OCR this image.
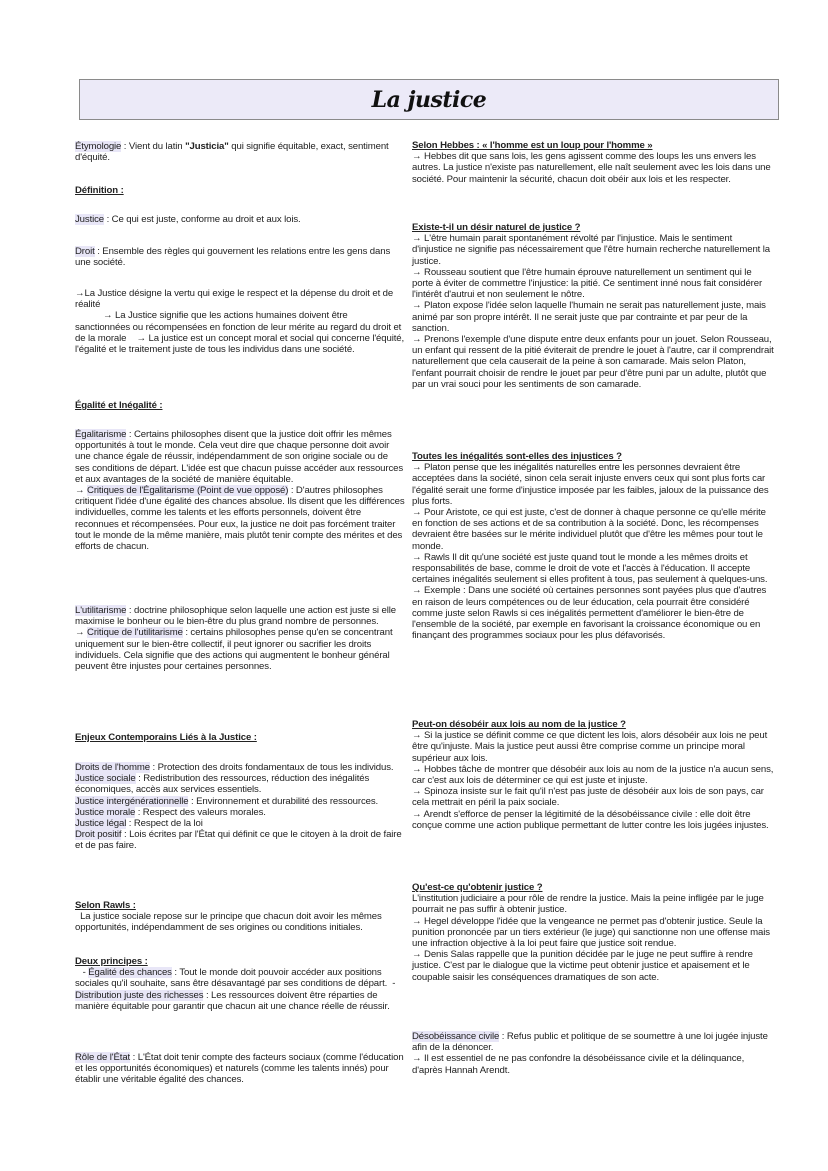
La justice

Étymologie : Vient du latin "Justicia" qui signifie équitable, exact, sentiment d'équité.

Définition :

Justice : Ce qui est juste, conforme au droit et aux lois.

Droit : Ensemble des règles qui gouvernent les relations entre les gens dans une société.

→La Justice désigne la vertu qui exige le respect et la dépense du droit et de réalité

→ La Justice signifie que les actions humaines doivent être sanctionnées ou récompensées en fonction de leur mérite au regard du droit et de la morale    → La justice est un concept moral et social qui concerne l'équité, l'égalité et le traitement juste de tous les individus dans une société.

Égalité et Inégalité :

Égalitarisme : Certains philosophes disent que la justice doit offrir les mêmes opportunités à tout le monde. Cela veut dire que chaque personne doit avoir une chance égale de réussir, indépendamment de son origine sociale ou de ses conditions de départ. L'idée est que chacun puisse accéder aux ressources et aux avantages de la société de manière équitable.

→ Critiques de l'Égalitarisme (Point de vue opposé) : D'autres philosophes critiquent l'idée d'une égalité des chances absolue. Ils disent que les différences individuelles, comme les talents et les efforts personnels, doivent être reconnues et récompensées. Pour eux, la justice ne doit pas forcément traiter tout le monde de la même manière, mais plutôt tenir compte des mérites et des efforts de chacun.

L'utilitarisme : doctrine philosophique selon laquelle une action est juste si elle maximise le bonheur ou le bien-être du plus grand nombre de personnes.

→ Critique de l'utilitarisme : certains philosophes pense qu'en se concentrant uniquement sur le bien-être collectif, il peut ignorer ou sacrifier les droits individuels. Cela signifie que des actions qui augmentent le bonheur général peuvent être injustes pour certaines personnes.

Enjeux Contemporains Liés à la Justice :

Droits de l'homme : Protection des droits fondamentaux de tous les individus.

Justice sociale : Redistribution des ressources, réduction des inégalités économiques, accès aux services essentiels.

Justice intergénérationnelle : Environnement et durabilité des ressources.

Justice morale : Respect des valeurs morales.

Justice légal : Respect de la loi

Droit positif : Lois écrites par l'État qui définit ce que le citoyen à la droit de faire et de pas faire.

Selon Rawls :

La justice sociale repose sur le principe que chacun doit avoir les mêmes opportunités, indépendamment de ses origines ou conditions initiales.

Deux principes :

- Égalité des chances : Tout le monde doit pouvoir accéder aux positions sociales qu'il souhaite, sans être désavantagé par ses conditions de départ.  - Distribution juste des richesses : Les ressources doivent être réparties de manière équitable pour garantir que chacun ait une chance réelle de réussir.

Rôle de l'État : L'État doit tenir compte des facteurs sociaux (comme l'éducation et les opportunités économiques) et naturels (comme les talents innés) pour établir une véritable égalité des chances.

Selon Hebbes : « l'homme est un loup pour l'homme »

→ Hebbes dit que sans lois, les gens agissent comme des loups les uns envers les autres. La justice n'existe pas naturellement, elle naît seulement avec les lois dans une société. Pour maintenir la sécurité, chacun doit obéir aux lois et les respecter.

Existe-t-il un désir naturel de justice ?

→ L'être humain parait spontanément révolté par l'injustice. Mais le sentiment d'injustice ne signifie pas nécessairement que l'être humain recherche naturellement la justice.

→ Rousseau soutient que l'être humain éprouve naturellement un sentiment qui le porte à éviter de commettre l'injustice: la pitié. Ce sentiment inné nous fait considérer l'intérêt d'autrui et non seulement le nôtre.

→ Platon expose l'idée selon laquelle l'humain ne serait pas naturellement juste, mais animé par son propre intérêt. Il ne serait juste que par contrainte et par peur de la sanction.

→ Prenons l'exemple d'une dispute entre deux enfants pour un jouet. Selon Rousseau, un enfant qui ressent de la pitié éviterait de prendre le jouet à l'autre, car il comprendrait naturellement que cela causerait de la peine à son camarade. Mais selon Platon, l'enfant pourrait choisir de rendre le jouet par peur d'être puni par un adulte, plutôt que par un vrai souci pour les sentiments de son camarade.

Toutes les inégalités sont-elles des injustices ?

→ Platon pense que les inégalités naturelles entre les personnes devraient être acceptées dans la société, sinon cela serait injuste envers ceux qui sont plus forts car l'égalité serait une forme d'injustice imposée par les faibles, jaloux de la puissance des plus forts.

→ Pour Aristote, ce qui est juste, c'est de donner à chaque personne ce qu'elle mérite en fonction de ses actions et de sa contribution à la société. Donc, les récompenses devraient être basées sur le mérite individuel plutôt que d'être les mêmes pour tout le monde.

→ Rawls Il dit qu'une société est juste quand tout le monde a les mêmes droits et responsabilités de base, comme le droit de vote et l'accès à l'éducation. Il accepte certaines inégalités seulement si elles profitent à tous, pas seulement à quelques-uns.

→ Exemple : Dans une société où certaines personnes sont payées plus que d'autres en raison de leurs compétences ou de leur éducation, cela pourrait être considéré comme juste selon Rawls si ces inégalités permettent d'améliorer le bien-être de l'ensemble de la société, par exemple en favorisant la croissance économique ou en finançant des programmes sociaux pour les plus défavorisés.

Peut-on désobéir aux lois au nom de la justice ?

→ Si la justice se définit comme ce que dictent les lois, alors désobéir aux lois ne peut être qu'injuste. Mais la justice peut aussi être comprise comme un principe moral supérieur aux lois.

→ Hobbes tâche de montrer que désobéir aux lois au nom de la justice n'a aucun sens, car c'est aux lois de déterminer ce qui est juste et injuste.

→ Spinoza insiste sur le fait qu'il n'est pas juste de désobéir aux lois de son pays, car cela mettrait en péril la paix sociale.

→ Arendt s'efforce de penser la légitimité de la désobéissance civile : elle doit être conçue comme une action publique permettant de lutter contre les lois jugées injustes.

Qu'est-ce qu'obtenir justice ?

L'institution judiciaire a pour rôle de rendre la justice. Mais la peine infligée par le juge pourrait ne pas suffir à obtenir justice.

→ Hegel développe l'idée que la vengeance ne permet pas d'obtenir justice. Seule la punition prononcée par un tiers extérieur (le juge) qui sanctionne non une offense mais une infraction objective à la loi peut faire que justice soit rendue.

→ Denis Salas rappelle que la punition décidée par le juge ne peut suffire à rendre justice. C'est par le dialogue que la victime peut obtenir justice et apaisement et le coupable saisir les conséquences dramatiques de son acte.

Désobéissance civile : Refus public et politique de se soumettre à une loi jugée injuste afin de la dénoncer.

→ Il est essentiel de ne pas confondre la désobéissance civile et la délinquance, d'après Hannah Arendt.
